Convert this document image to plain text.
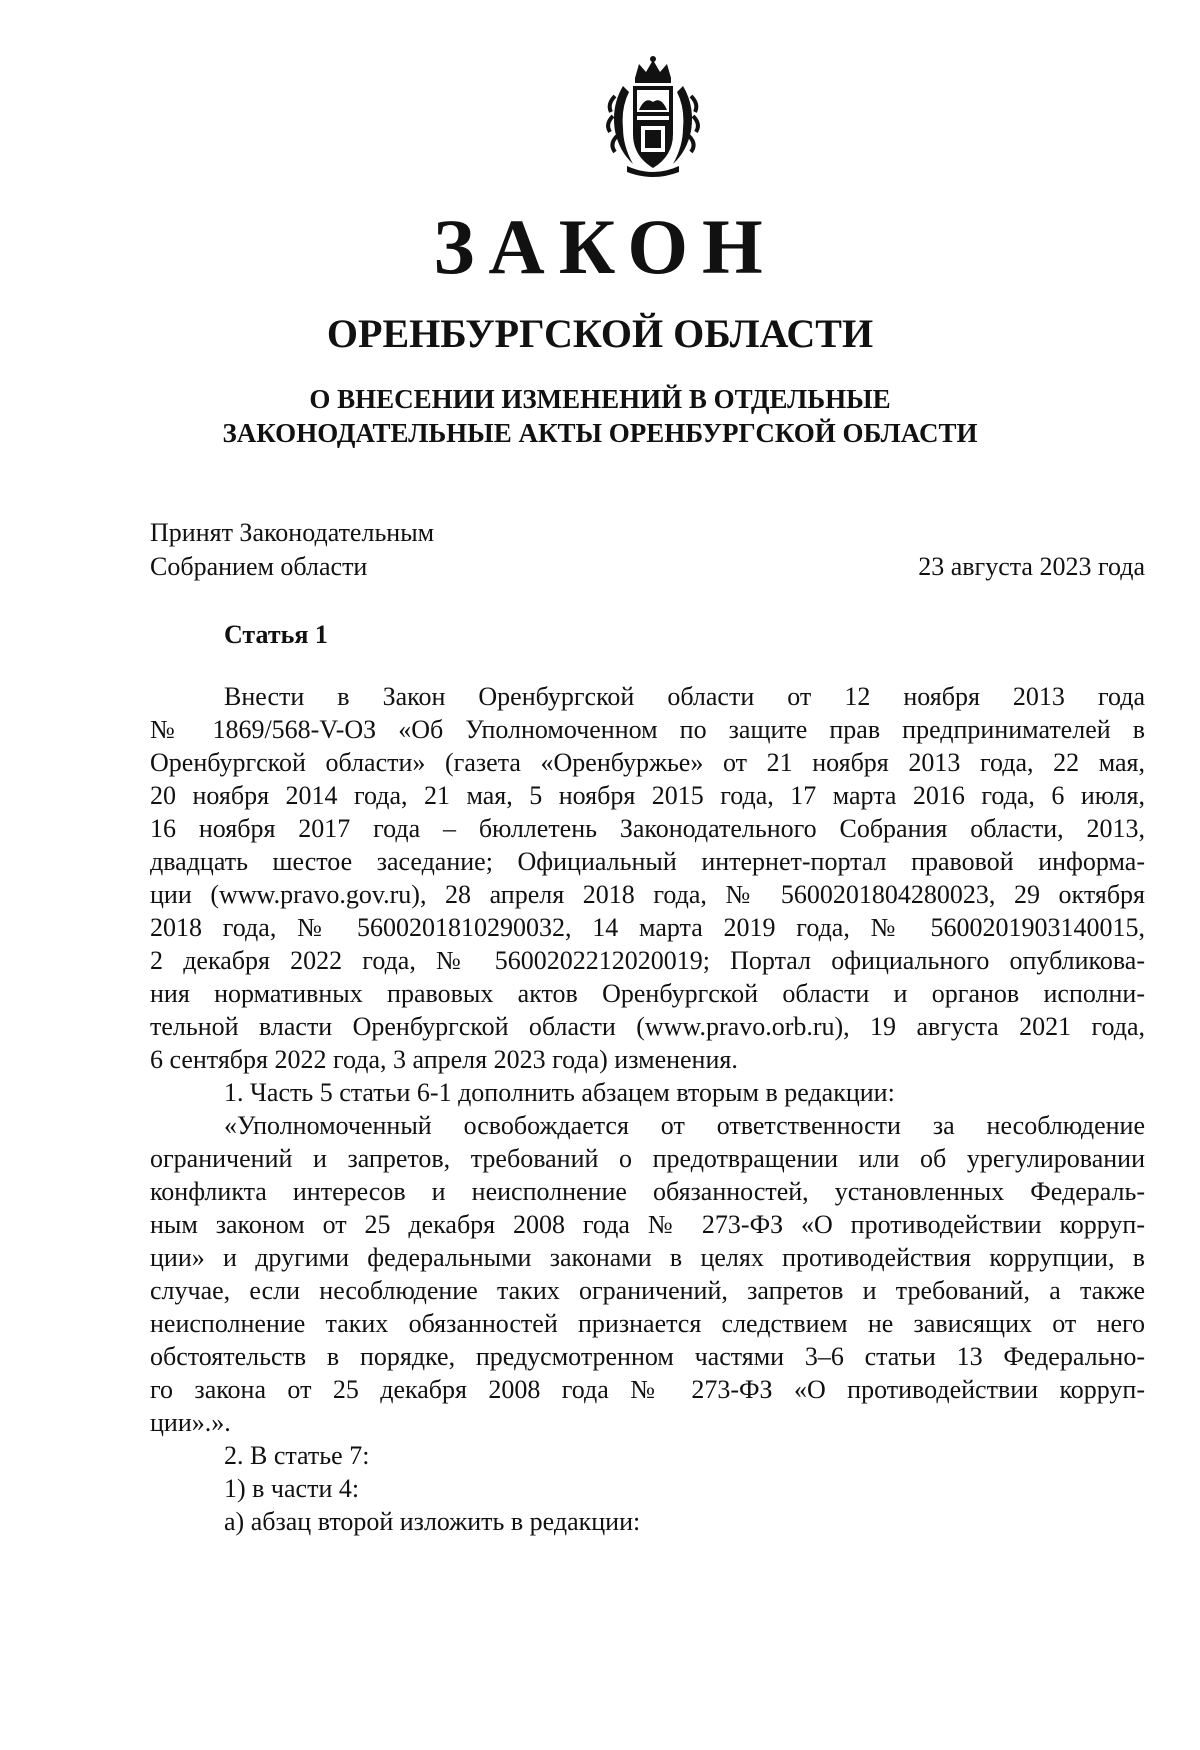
ЗАКОН
ОРЕНБУРГСКОЙ ОБЛАСТИ
О ВНЕСЕНИИ ИЗМЕНЕНИЙ В ОТДЕЛЬНЫЕ
ЗАКОНОДАТЕЛЬНЫЕ АКТЫ ОРЕНБУРГСКОЙ ОБЛАСТИ
Принят Законодательным
Собранием области	23 августа 2023 года
Статья 1
Внести в Закон Оренбургской области от 12 ноября 2013 года
№ 1869/568-V-ОЗ «Об Уполномоченном по защите прав предпринимателей в
Оренбургской области» (газета «Оренбуржье» от 21 ноября 2013 года, 22 мая,
20 ноября 2014 года, 21 мая, 5 ноября 2015 года, 17 марта 2016 года, 6 июля,
16 ноября 2017 года – бюллетень Законодательного Собрания области, 2013,
двадцать шестое заседание; Официальный интернет-портал правовой информа-
ции (www.pravo.gov.ru), 28 апреля 2018 года, № 5600201804280023, 29 октября
2018 года, № 5600201810290032, 14 марта 2019 года, № 5600201903140015,
2 декабря 2022 года, № 5600202212020019; Портал официального опубликова-
ния нормативных правовых актов Оренбургской области и органов исполни-
тельной власти Оренбургской области (www.pravo.orb.ru), 19 августа 2021 года,
6 сентября 2022 года, 3 апреля 2023 года) изменения.
1. Часть 5 статьи 6-1 дополнить абзацем вторым в редакции:
«Уполномоченный освобождается от ответственности за несоблюдение
ограничений и запретов, требований о предотвращении или об урегулировании
конфликта интересов и неисполнение обязанностей, установленных Федераль-
ным законом от 25 декабря 2008 года № 273-ФЗ «О противодействии корруп-
ции» и другими федеральными законами в целях противодействия коррупции, в
случае, если несоблюдение таких ограничений, запретов и требований, а также
неисполнение таких обязанностей признается следствием не зависящих от него
обстоятельств в порядке, предусмотренном частями 3–6 статьи 13 Федерально-
го закона от 25 декабря 2008 года № 273-ФЗ «О противодействии корруп-
ции».».
2. В статье 7:
1) в части 4:
а) абзац второй изложить в редакции:
